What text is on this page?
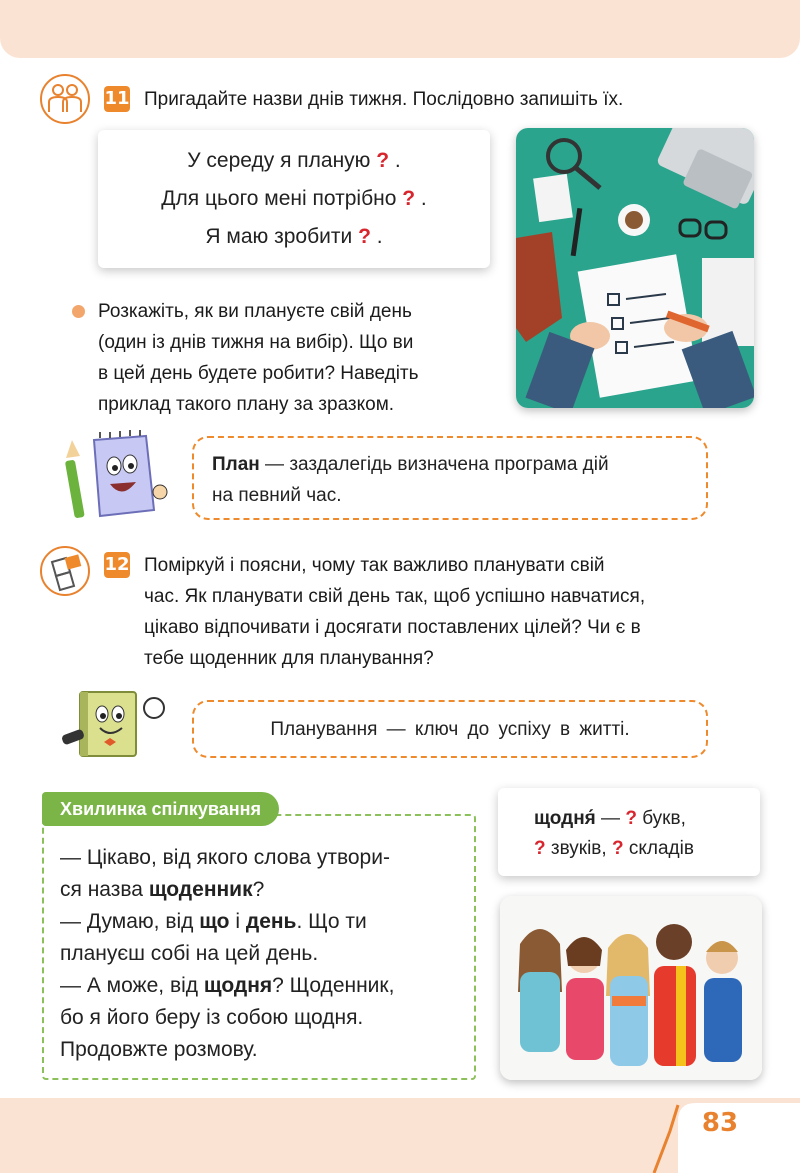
11 Пригадайте назви днів тижня. Послідовно запишіть їх.
У середу я планую ? .
Для цього мені потрібно ? .
Я маю зробити ? .
Розкажіть, як ви плануєте свій день
(один із днів тижня на вибір). Що ви
в цей день будете робити? Наведіть
приклад такого плану за зразком.
План — заздалегідь визначена програма дій
на певний час.
12 Поміркуй і поясни, чому так важливо планувати свій
час. Як планувати свій день так, щоб успішно навчатися,
цікаво відпочивати і досягати поставлених цілей? Чи є в
тебе щоденник для планування?
Планування — ключ до успіху в житті.
Хвилинка спілкування
— Цікаво, від якого слова утвори-
ся назва щоденник?
— Думаю, від що і день. Що ти
плануєш собі на цей день.
— А може, від щодня? Щоденник,
бо я його беру із собою щодня.
Продовжте розмову.
щодня́ — ? букв,
? звуків, ? складів
83
